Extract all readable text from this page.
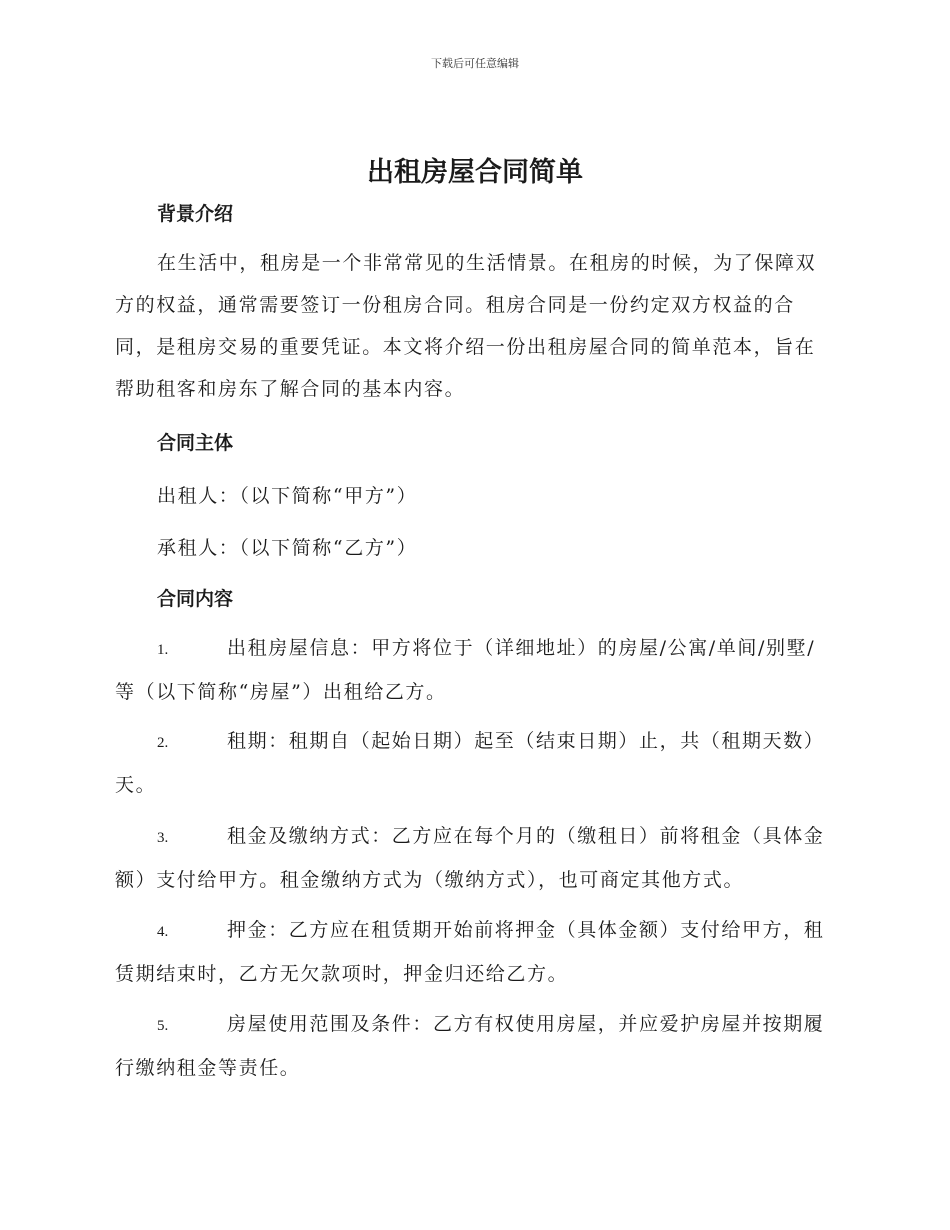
下载后可任意编辑
出租房屋合同简单
背景介绍
在生活中，租房是一个非常常见的生活情景。在租房的时候，为了保障双方的权益，通常需要签订一份租房合同。租房合同是一份约定双方权益的合同，是租房交易的重要凭证。本文将介绍一份出租房屋合同的简单范本，旨在帮助租客和房东了解合同的基本内容。
合同主体
出租人：（以下简称“甲方”）
承租人：（以下简称“乙方”）
合同内容
1.	出租房屋信息：甲方将位于（详细地址）的房屋/公寓/单间/别墅/等（以下简称“房屋”）出租给乙方。
2.	租期：租期自（起始日期）起至（结束日期）止，共（租期天数）天。
3.	租金及缴纳方式：乙方应在每个月的（缴租日）前将租金（具体金额）支付给甲方。租金缴纳方式为（缴纳方式），也可商定其他方式。
4.	押金：乙方应在租赁期开始前将押金（具体金额）支付给甲方，租赁期结束时，乙方无欠款项时，押金归还给乙方。
5.	房屋使用范围及条件：乙方有权使用房屋，并应爱护房屋并按期履行缴纳租金等责任。
